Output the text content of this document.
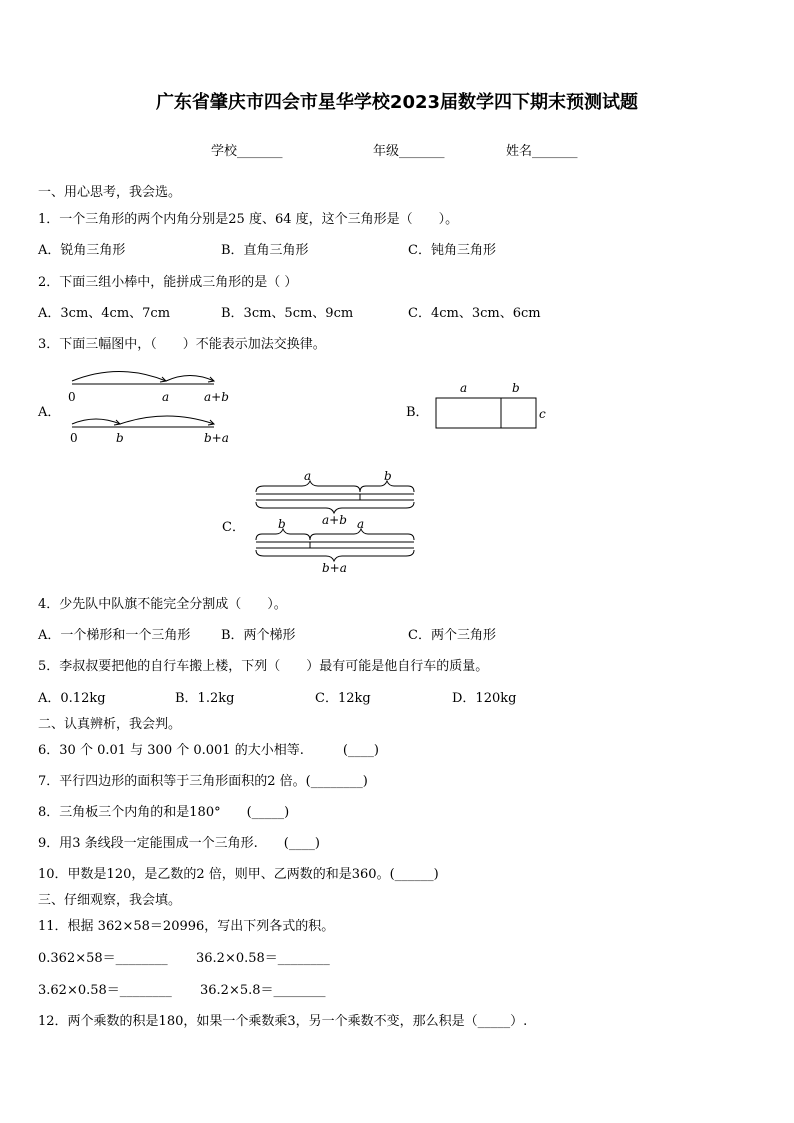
广东省肇庆市四会市星华学校2023届数学四下期末预测试题
学校_______	年级_______	姓名_______
一、用心思考，我会选。
1．一个三角形的两个内角分别是25 度、64 度，这个三角形是（　　）。
A．锐角三角形	B．直角三角形	C．钝角三角形
2．下面三组小棒中，能拼成三角形的是（ ）
A．3cm、4cm、7cm	B．3cm、5cm、9cm	C．4cm、3cm、6cm
3．下面三幅图中，（　　）不能表示加法交换律。
A．
0	a	a+b
0	b	b+a
B．
a	b
c
C．
a	b
a+b
b	a
b+a
4．少先队中队旗不能完全分割成（　　）。
A．一个梯形和一个三角形 B．两个梯形	C．两个三角形
5．李叔叔要把他的自行车搬上楼，下列（　　）最有可能是他自行车的质量。
A．0.12kg	B．1.2kg	C．12kg	D．120kg
二、认真辨析，我会判。
6．30 个 0.01 与 300 个 0.001 的大小相等.　　　(____)
7．平行四边形的面积等于三角形面积的2 倍。(________)
8．三角板三个内角的和是180°　　(_____)
9．用3 条线段一定能围成一个三角形.　　(____)
10．甲数是120，是乙数的2 倍，则甲、乙两数的和是360。(______)
三、仔细观察，我会填。
11．根据 362×58＝20996，写出下列各式的积。
0.362×58＝________ 36.2×0.58＝________
3.62×0.58＝________ 36.2×5.8＝________
12．两个乘数的积是180，如果一个乘数乘3，另一个乘数不变，那么积是（_____）.
